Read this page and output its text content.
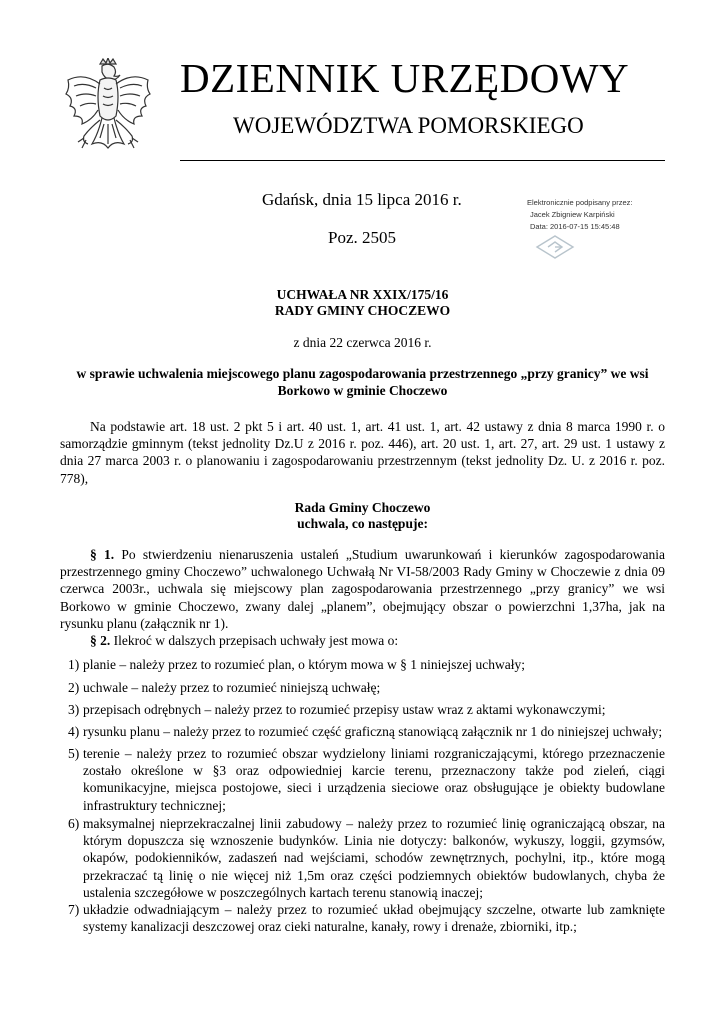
DZIENNIK URZĘDOWY
WOJEWÓDZTWA POMORSKIEGO
Gdańsk, dnia 15 lipca 2016 r.
Poz. 2505
Elektronicznie podpisany przez:
Jacek Zbigniew Karpiński
Data: 2016-07-15 15:45:48
UCHWAŁA NR XXIX/175/16
RADY GMINY CHOCZEWO
z dnia 22 czerwca 2016 r.
w sprawie uchwalenia miejscowego planu zagospodarowania przestrzennego „przy granicy” we wsi
Borkowo w gminie Choczewo
Na podstawie art. 18 ust. 2 pkt 5 i art. 40 ust. 1, art. 41 ust. 1, art. 42 ustawy z dnia 8 marca 1990 r. o samorządzie gminnym (tekst jednolity Dz.U z 2016 r. poz. 446), art. 20 ust. 1, art. 27, art. 29 ust. 1 ustawy z dnia 27 marca 2003 r. o planowaniu i zagospodarowaniu przestrzennym (tekst jednolity Dz. U. z 2016 r. poz. 778),
Rada Gminy Choczewo
uchwala, co następuje:
§ 1. Po stwierdzeniu nienaruszenia ustaleń „Studium uwarunkowań i kierunków zagospodarowania przestrzennego gminy Choczewo” uchwalonego Uchwałą Nr VI-58/2003 Rady Gminy w Choczewie z dnia 09 czerwca 2003r., uchwala się miejscowy plan zagospodarowania przestrzennego „przy granicy” we wsi Borkowo w gminie Choczewo, zwany dalej „planem”, obejmujący obszar o powierzchni 1,37ha, jak na rysunku planu (załącznik nr 1).
§ 2. Ilekroć w dalszych przepisach uchwały jest mowa o:
1) planie – należy przez to rozumieć plan, o którym mowa w § 1 niniejszej uchwały;
2) uchwale – należy przez to rozumieć niniejszą uchwałę;
3) przepisach odrębnych – należy przez to rozumieć przepisy ustaw wraz z aktami wykonawczymi;
4) rysunku planu – należy przez to rozumieć część graficzną stanowiącą załącznik nr 1 do niniejszej uchwały;
5) terenie – należy przez to rozumieć obszar wydzielony liniami rozgraniczającymi, którego przeznaczenie zostało określone w §3 oraz odpowiedniej karcie terenu, przeznaczony także pod zieleń, ciągi komunikacyjne, miejsca postojowe, sieci i urządzenia sieciowe oraz obsługujące je obiekty budowlane infrastruktury technicznej;
6) maksymalnej nieprzekraczalnej linii zabudowy – należy przez to rozumieć linię ograniczającą obszar, na którym dopuszcza się wznoszenie budynków. Linia nie dotyczy: balkonów, wykuszy, loggii, gzymsów, okapów, podokienników, zadaszeń nad wejściami, schodów zewnętrznych, pochylni, itp., które mogą przekraczać tą linię o nie więcej niż 1,5m oraz części podziemnych obiektów budowlanych, chyba że ustalenia szczegółowe w poszczególnych kartach terenu stanowią inaczej;
7) układzie odwadniającym – należy przez to rozumieć układ obejmujący szczelne, otwarte lub zamknięte systemy kanalizacji deszczowej oraz cieki naturalne, kanały, rowy i drenaże, zbiorniki, itp.;
